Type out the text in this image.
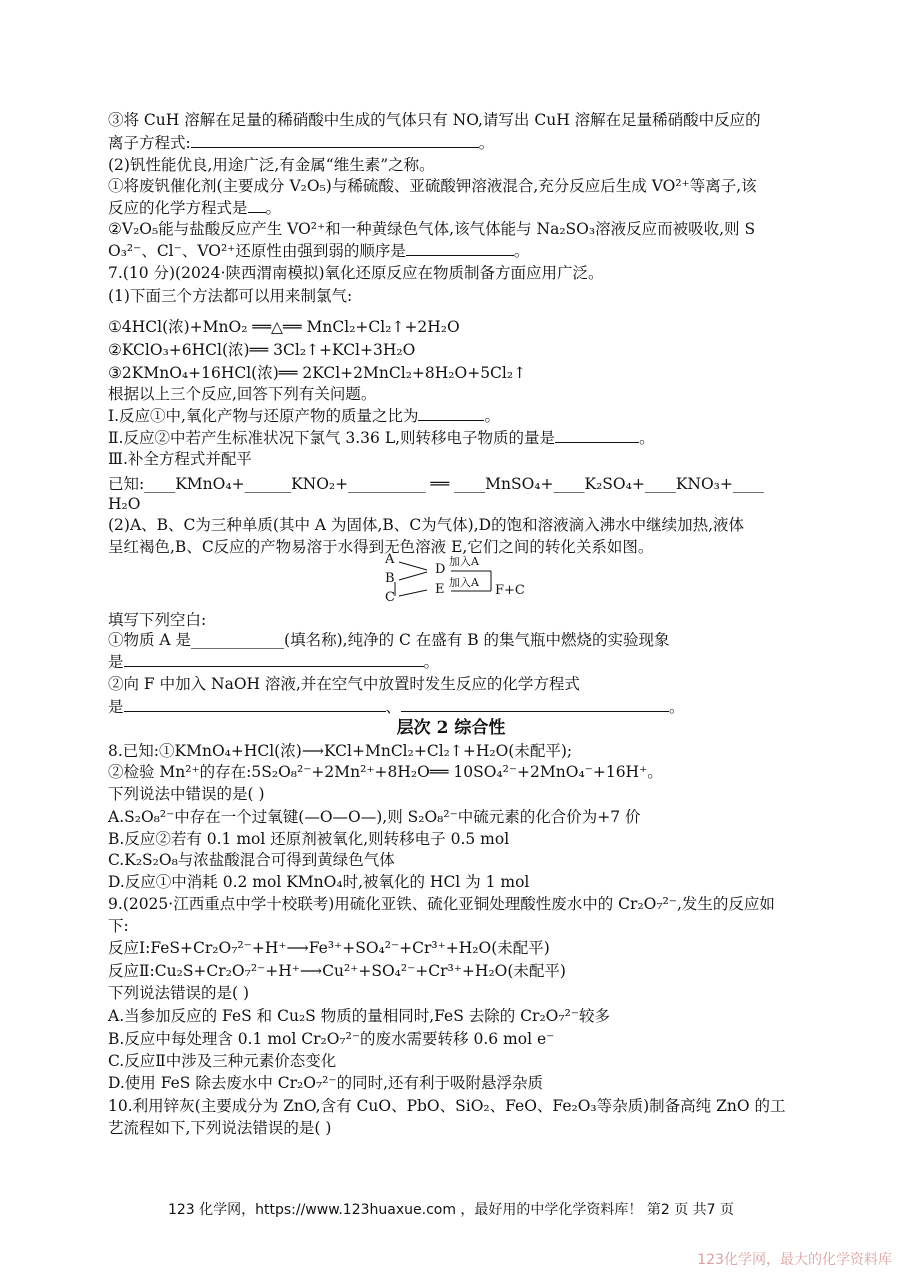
③将 CuH 溶解在足量的稀硝酸中生成的气体只有 NO,请写出 CuH 溶解在足量稀硝酸中反应的
离子方程式:	。
(2)钒性能优良,用途广泛,有金属“维生素”之称。
①将废钒催化剂(主要成分 V₂O₅)与稀硫酸、亚硫酸钾溶液混合,充分反应后生成 VO²⁺等离子,该
反应的化学方程式是 。
②V₂O₅能与盐酸反应产生 VO²⁺和一种黄绿色气体,该气体能与 Na₂SO₃溶液反应而被吸收,则 S
O₃²⁻、Cl⁻、VO²⁺还原性由强到弱的顺序是	。
7.(10 分)(2024·陕西渭南模拟)氧化还原反应在物质制备方面应用广泛。
(1)下面三个方法都可以用来制氯气:
①4HCl(浓)+MnO₂ ══△══ MnCl₂+Cl₂↑+2H₂O
②KClO₃+6HCl(浓)══ 3Cl₂↑+KCl+3H₂O
③2KMnO₄+16HCl(浓)══ 2KCl+2MnCl₂+8H₂O+5Cl₂↑
根据以上三个反应,回答下列有关问题。
Ⅰ.反应①中,氧化产物与还原产物的质量之比为	。
Ⅱ.反应②中若产生标准状况下氯气 3.36 L,则转移电子物质的量是	。
Ⅲ.补全方程式并配平
已知:____KMnO₄+______KNO₂+__________ ══ ____MnSO₄+____K₂SO₄+____KNO₃+____
H₂O
(2)A、B、C为三种单质(其中 A 为固体,B、C为气体),D的饱和溶液滴入沸水中继续加热,液体
呈红褐色,B、C反应的产物易溶于水得到无色溶液 E,它们之间的转化关系如图。
A
B
C
D
E
加入A
加入A
F+C
填写下列空白:
①物质 A 是____________(填名称),纯净的 C 在盛有 B 的集气瓶中燃烧的实验现象
是	。
②向 F 中加入 NaOH 溶液,并在空气中放置时发生反应的化学方程式
是	、	。
层次 2 综合性
8.已知:①KMnO₄+HCl(浓)⟶KCl+MnCl₂+Cl₂↑+H₂O(未配平);
②检验 Mn²⁺的存在:5S₂O₈²⁻+2Mn²⁺+8H₂O══ 10SO₄²⁻+2MnO₄⁻+16H⁺。
下列说法中错误的是( )
A.S₂O₈²⁻中存在一个过氧键(—O—O—),则 S₂O₈²⁻中硫元素的化合价为+7 价
B.反应②若有 0.1 mol 还原剂被氧化,则转移电子 0.5 mol
C.K₂S₂O₈与浓盐酸混合可得到黄绿色气体
D.反应①中消耗 0.2 mol KMnO₄时,被氧化的 HCl 为 1 mol
9.(2025·江西重点中学十校联考)用硫化亚铁、硫化亚铜处理酸性废水中的 Cr₂O₇²⁻,发生的反应如
下:
反应Ⅰ:FeS+Cr₂O₇²⁻+H⁺⟶Fe³⁺+SO₄²⁻+Cr³⁺+H₂O(未配平)
反应Ⅱ:Cu₂S+Cr₂O₇²⁻+H⁺⟶Cu²⁺+SO₄²⁻+Cr³⁺+H₂O(未配平)
下列说法错误的是( )
A.当参加反应的 FeS 和 Cu₂S 物质的量相同时,FeS 去除的 Cr₂O₇²⁻较多
B.反应中每处理含 0.1 mol Cr₂O₇²⁻的废水需要转移 0.6 mol e⁻
C.反应Ⅱ中涉及三种元素价态变化
D.使用 FeS 除去废水中 Cr₂O₇²⁻的同时,还有利于吸附悬浮杂质
10.利用锌灰(主要成分为 ZnO,含有 CuO、PbO、SiO₂、FeO、Fe₂O₃等杂质)制备高纯 ZnO 的工
艺流程如下,下列说法错误的是( )
123 化学网，https://www.123huaxue.com ，最好用的中学化学资料库！ 第2 页 共7 页
123化学网，最大的化学资料库
